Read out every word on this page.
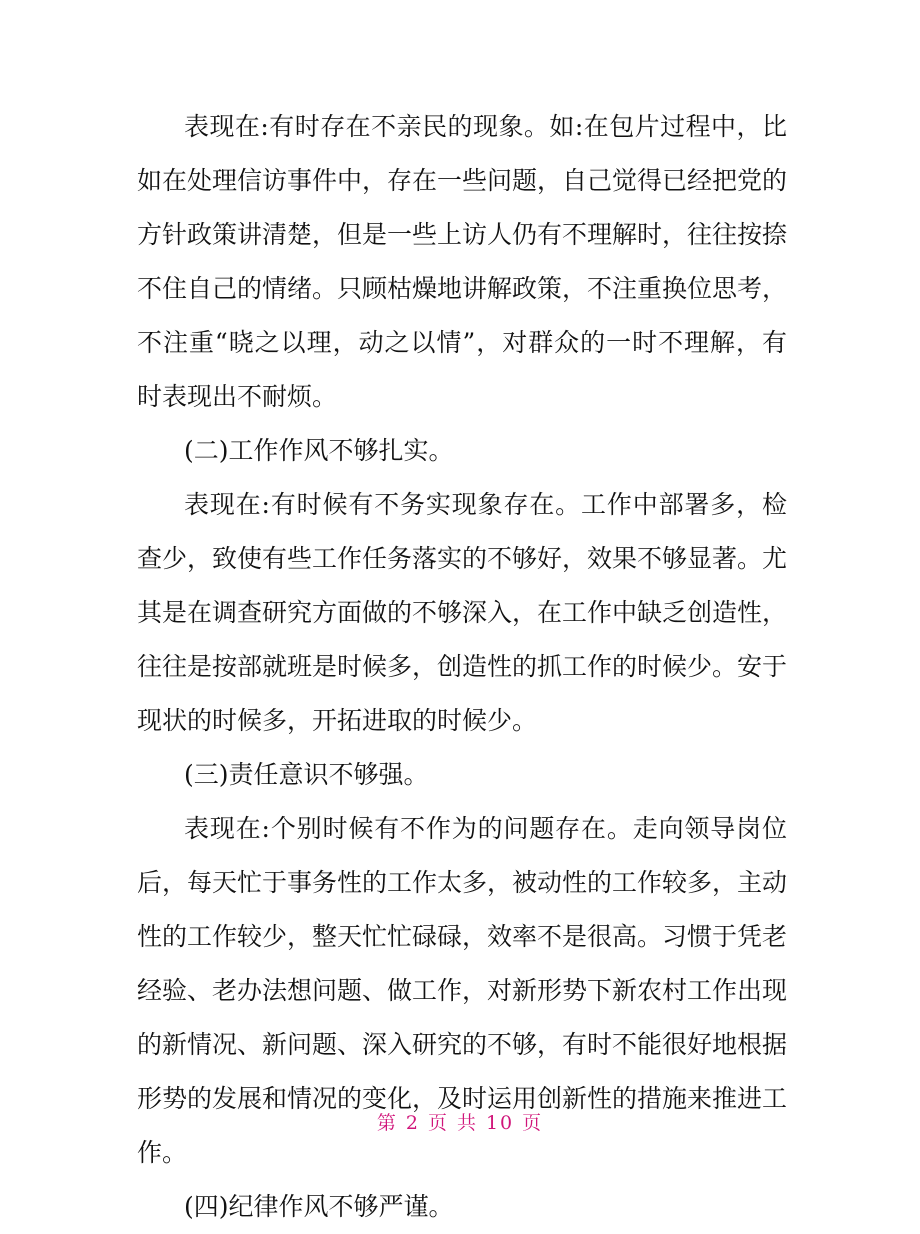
表现在:有时存在不亲民的现象。如:在包片过程中，比如在处理信访事件中，存在一些问题，自己觉得已经把党的方针政策讲清楚，但是一些上访人仍有不理解时，往往按捺不住自己的情绪。只顾枯燥地讲解政策，不注重换位思考，不注重“晓之以理，动之以情”，对群众的一时不理解，有时表现出不耐烦。

(二)工作作风不够扎实。

表现在:有时候有不务实现象存在。工作中部署多，检查少，致使有些工作任务落实的不够好，效果不够显著。尤其是在调查研究方面做的不够深入，在工作中缺乏创造性，往往是按部就班是时候多，创造性的抓工作的时候少。安于现状的时候多，开拓进取的时候少。

(三)责任意识不够强。

表现在:个别时候有不作为的问题存在。走向领导岗位后，每天忙于事务性的工作太多，被动性的工作较多，主动性的工作较少，整天忙忙碌碌，效率不是很高。习惯于凭老经验、老办法想问题、做工作，对新形势下新农村工作出现的新情况、新问题、深入研究的不够，有时不能很好地根据形势的发展和情况的变化，及时运用创新性的措施来推进工作。

(四)纪律作风不够严谨。

第 2 页 共 10 页
